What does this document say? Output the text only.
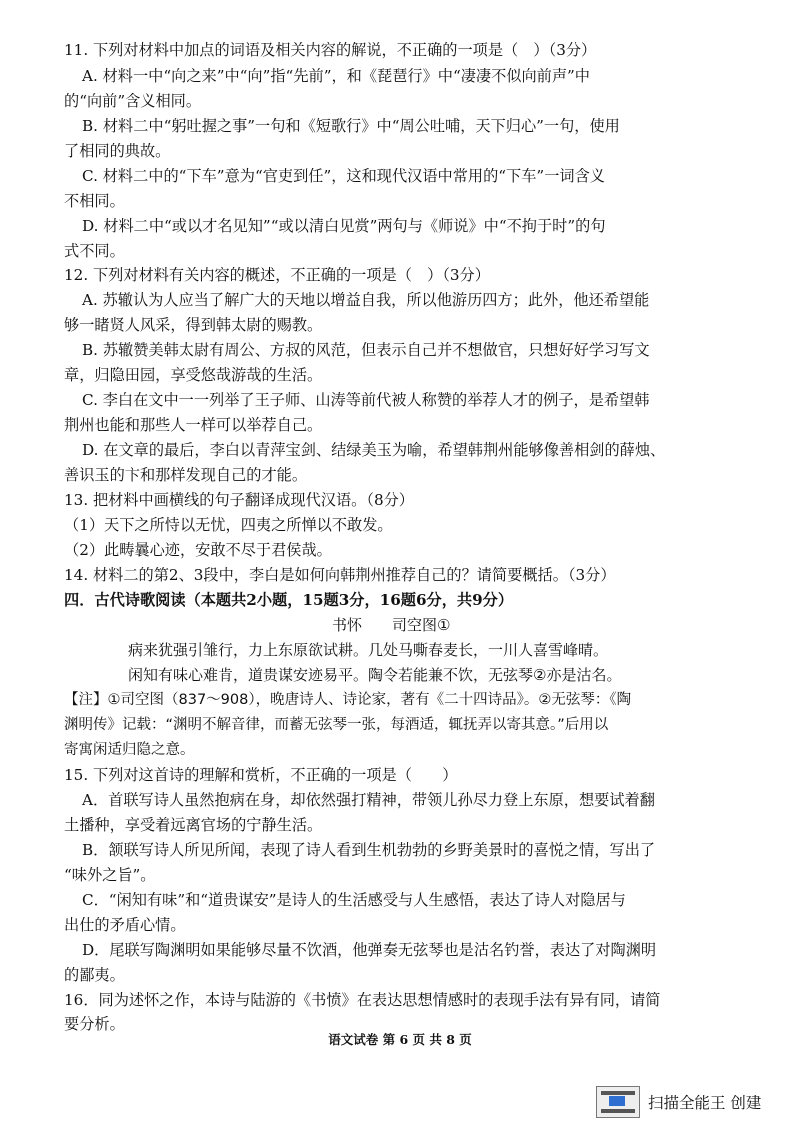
11. 下列对材料中加点的词语及相关内容的解说，不正确的一项是（　）（3分）
A. 材料一中“向之来”中“向”指“先前”，和《琵琶行》中“凄凄不似向前声”中
的“向前”含义相同。
B. 材料二中“躬吐握之事”一句和《短歌行》中“周公吐哺，天下归心”一句，使用
了相同的典故。
C. 材料二中的“下车”意为“官吏到任”，这和现代汉语中常用的“下车”一词含义
不相同。
D. 材料二中“或以才名见知”“或以清白见赏”两句与《师说》中“不拘于时”的句
式不同。
12. 下列对材料有关内容的概述，不正确的一项是（　）（3分）
A. 苏辙认为人应当了解广大的天地以增益自我，所以他游历四方；此外，他还希望能
够一睹贤人风采，得到韩太尉的赐教。
B. 苏辙赞美韩太尉有周公、方叔的风范，但表示自己并不想做官，只想好好学习写文
章，归隐田园，享受悠哉游哉的生活。
C. 李白在文中一一列举了王子师、山涛等前代被人称赞的举荐人才的例子，是希望韩
荆州也能和那些人一样可以举荐自己。
D. 在文章的最后，李白以青萍宝剑、结绿美玉为喻，希望韩荆州能够像善相剑的薛烛、
善识玉的卞和那样发现自己的才能。
13. 把材料中画横线的句子翻译成现代汉语。（8分）
（1）天下之所恃以无忧，四夷之所惮以不敢发。
（2）此畴曩心迹，安敢不尽于君侯哉。
14. 材料二的第2、3段中，李白是如何向韩荆州推荐自己的？请简要概括。（3分）
四．古代诗歌阅读（本题共2小题，15题3分，16题6分，共9分）
书怀　　司空图①
病来犹强引雏行，力上东原欲试耕。几处马嘶春麦长，一川人喜雪峰晴。
闲知有味心难肯，道贵谋安迹易平。陶令若能兼不饮，无弦琴②亦是沽名。
【注】①司空图（837～908），晚唐诗人、诗论家，著有《二十四诗品》。②无弦琴：《陶
渊明传》记载：“渊明不解音律，而蓄无弦琴一张，每酒适，辄抚弄以寄其意。”后用以
寄寓闲适归隐之意。
15. 下列对这首诗的理解和赏析，不正确的一项是（　　）
A．首联写诗人虽然抱病在身，却依然强打精神，带领儿孙尽力登上东原，想要试着翻
土播种，享受着远离官场的宁静生活。
B．颔联写诗人所见所闻，表现了诗人看到生机勃勃的乡野美景时的喜悦之情，写出了
“味外之旨”。
C．“闲知有味”和“道贵谋安”是诗人的生活感受与人生感悟，表达了诗人对隐居与
出仕的矛盾心情。
D．尾联写陶渊明如果能够尽量不饮酒，他弹奏无弦琴也是沽名钓誉，表达了对陶渊明
的鄙夷。
16．同为述怀之作，本诗与陆游的《书愤》在表达思想情感时的表现手法有异有同，请简
要分析。
语文试卷 第 6 页 共 8 页
扫描全能王 创建
